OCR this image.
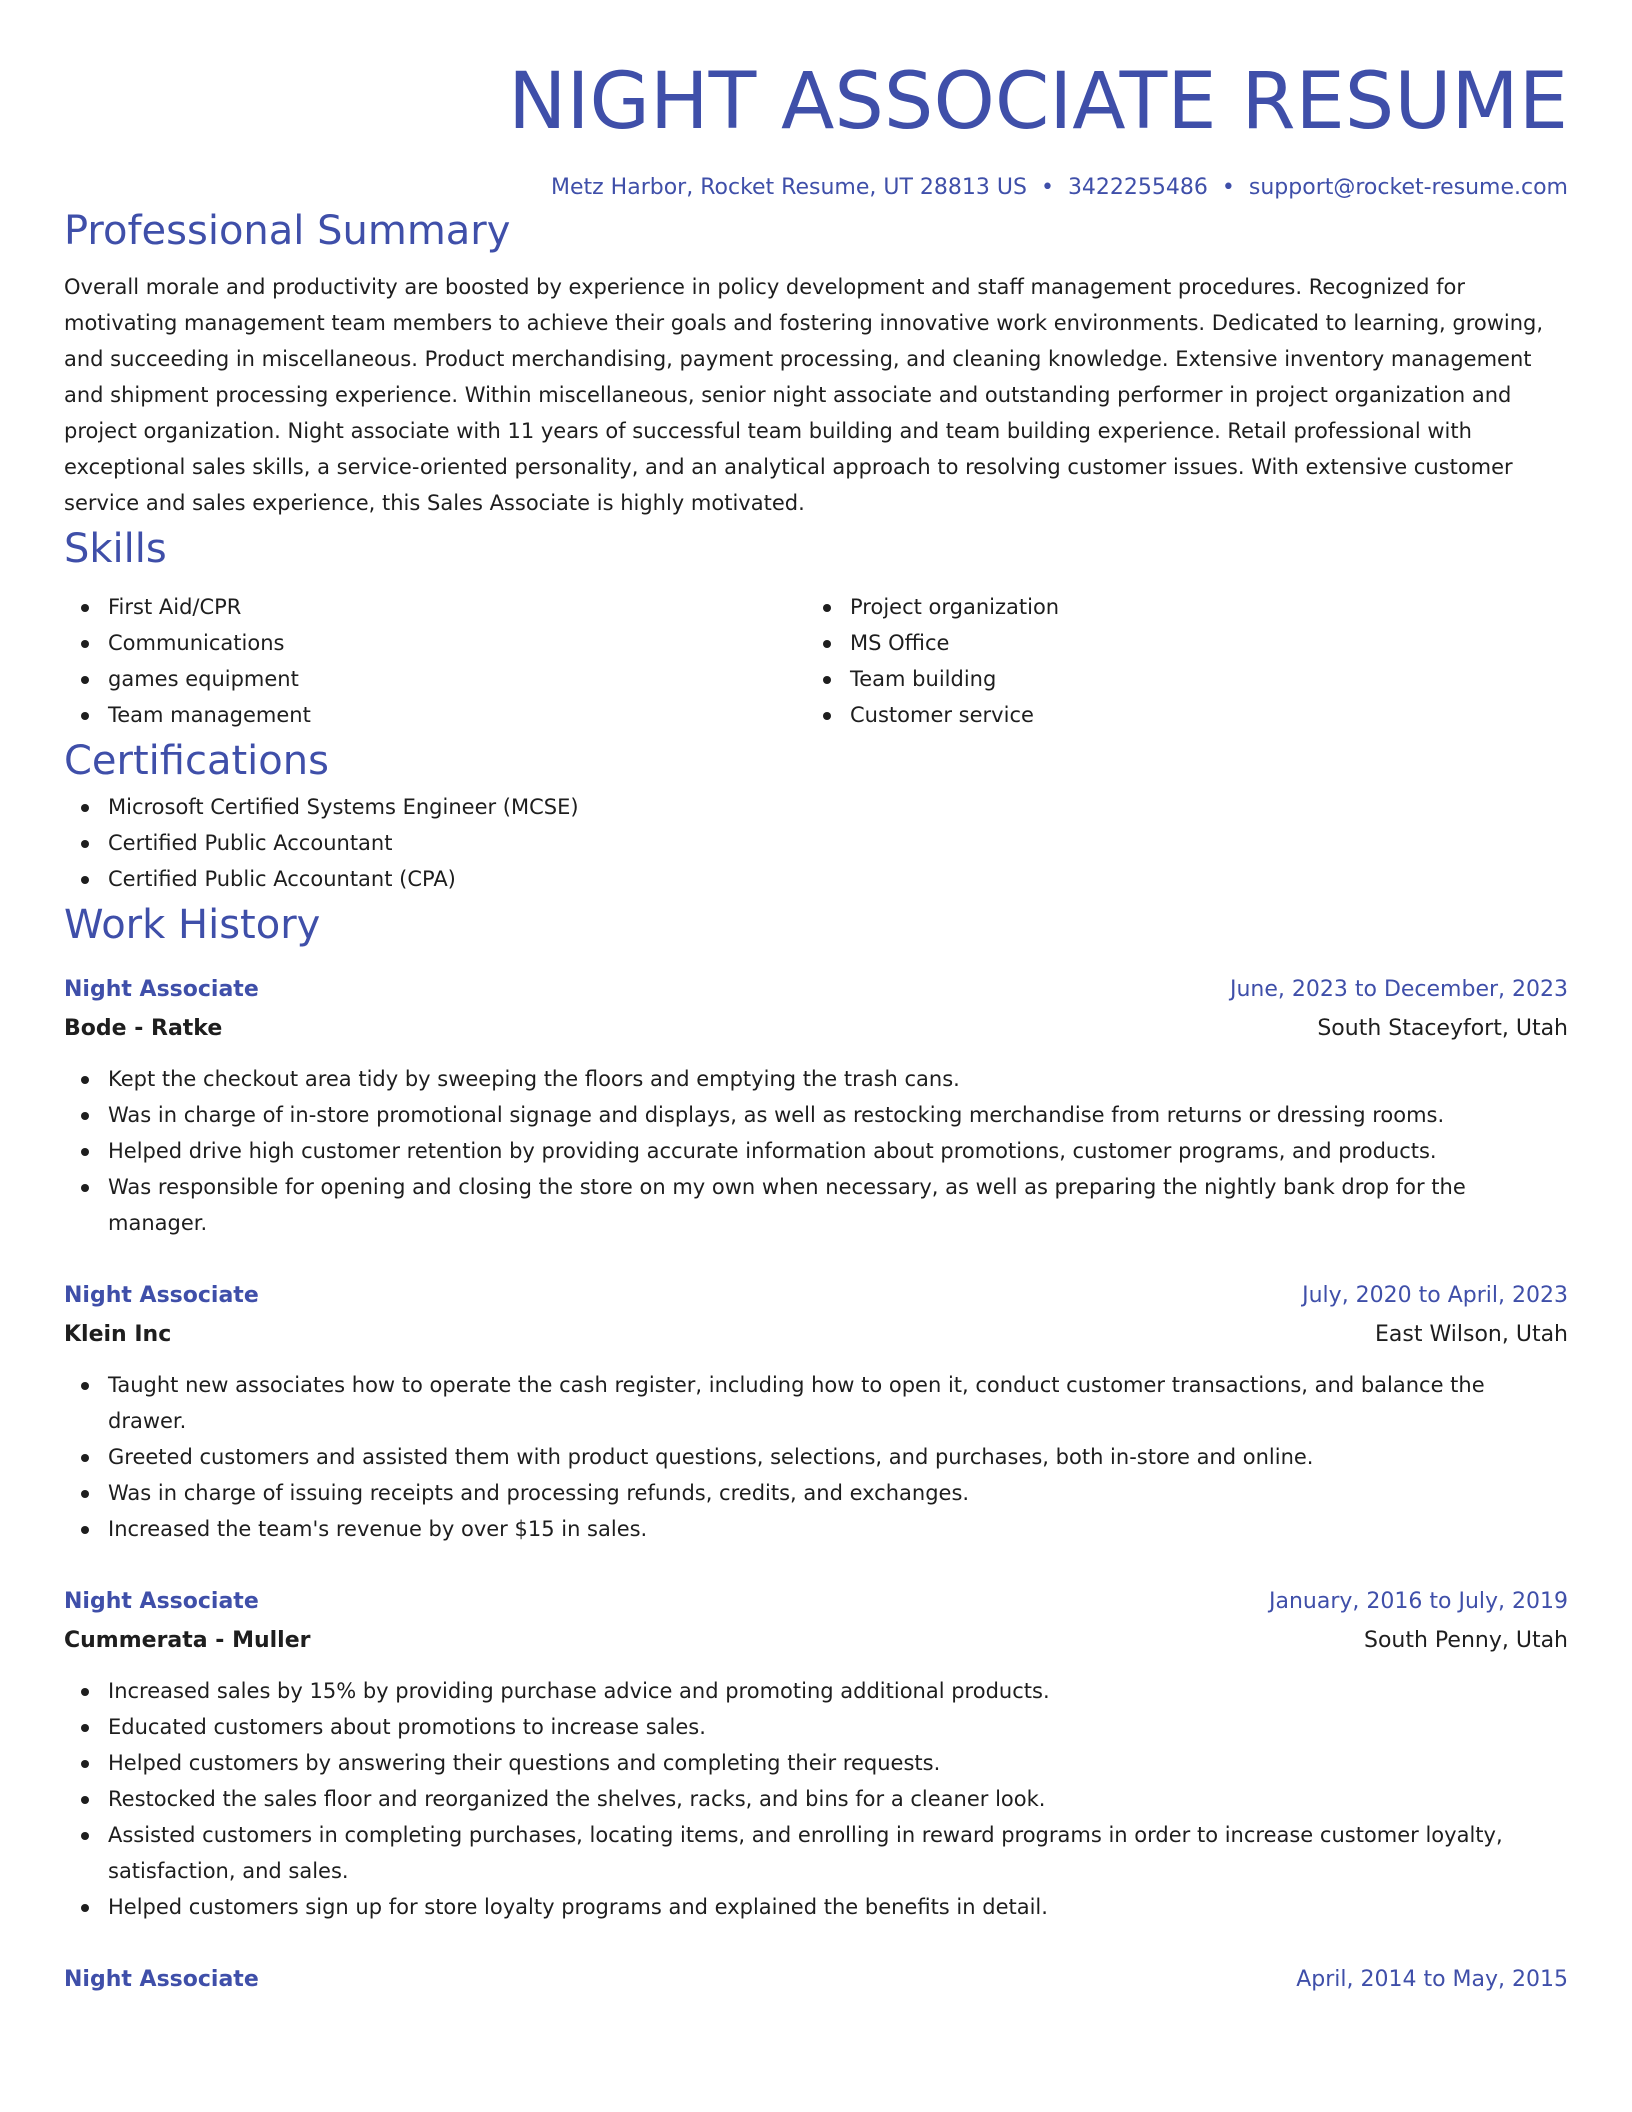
NIGHT ASSOCIATE RESUME
Metz Harbor, Rocket Resume, UT 28813 US • 3422255486 • support@rocket-resume.com
Professional Summary

Overall morale and productivity are boosted by experience in policy development and staff management procedures. Recognized for motivating management team members to achieve their goals and fostering innovative work environments. Dedicated to learning, growing, and succeeding in miscellaneous. Product merchandising, payment processing, and cleaning knowledge. Extensive inventory management and shipment processing experience. Within miscellaneous, senior night associate and outstanding performer in project organization and project organization. Night associate with 11 years of successful team building and team building experience. Retail professional with exceptional sales skills, a service-oriented personality, and an analytical approach to resolving customer issues. With extensive customer service and sales experience, this Sales Associate is highly motivated.

Skills
First Aid/CPR
Communications
games equipment
Team management
Project organization
MS Office
Team building
Customer service
Certifications
Microsoft Certified Systems Engineer (MCSE)
Certified Public Accountant
Certified Public Accountant (CPA)
Work History
Night Associate	June, 2023 to December, 2023
Bode - Ratke	South Staceyfort, Utah
Kept the checkout area tidy by sweeping the floors and emptying the trash cans.
Was in charge of in-store promotional signage and displays, as well as restocking merchandise from returns or dressing rooms.
Helped drive high customer retention by providing accurate information about promotions, customer programs, and products.
Was responsible for opening and closing the store on my own when necessary, as well as preparing the nightly bank drop for the manager.
Night Associate	July, 2020 to April, 2023
Klein Inc	East Wilson, Utah
Taught new associates how to operate the cash register, including how to open it, conduct customer transactions, and balance the drawer.
Greeted customers and assisted them with product questions, selections, and purchases, both in-store and online.
Was in charge of issuing receipts and processing refunds, credits, and exchanges.
Increased the team's revenue by over $15 in sales.
Night Associate	January, 2016 to July, 2019
Cummerata - Muller	South Penny, Utah
Increased sales by 15% by providing purchase advice and promoting additional products.
Educated customers about promotions to increase sales.
Helped customers by answering their questions and completing their requests.
Restocked the sales floor and reorganized the shelves, racks, and bins for a cleaner look.
Assisted customers in completing purchases, locating items, and enrolling in reward programs in order to increase customer loyalty, satisfaction, and sales.
Helped customers sign up for store loyalty programs and explained the benefits in detail.
Night Associate	April, 2014 to May, 2015
